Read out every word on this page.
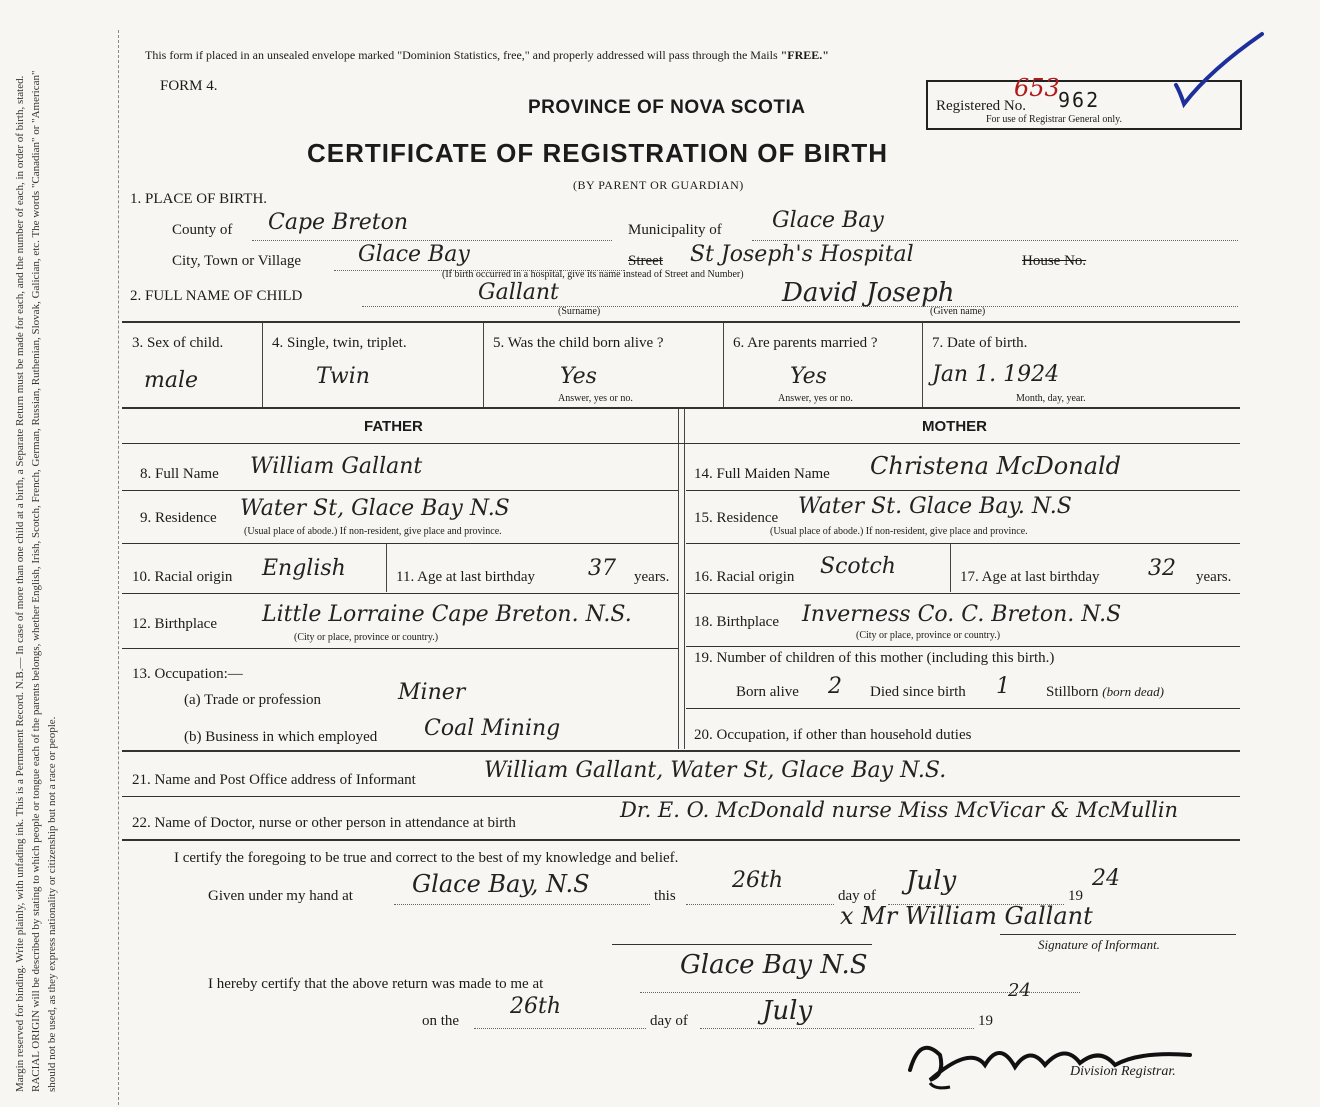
Margin reserved for binding. Write plainly, with unfading ink. This is a Permanent Record. N.B.— In case of more than one child at a birth, a Separate Return must be made for each, and the number of each, in order of birth, stated. RACIAL ORIGIN will be described by stating to which people or tongue each of the parents belongs, whether English, Irish, Scotch, French, German, Russian, Ruthenian, Slovak, Galician, etc. The words "Canadian" or "American" should not be used, as they express nationality or citizenship but not a race or people.
This form if placed in an unsealed envelope marked "Dominion Statistics, free," and properly addressed will pass through the Mails "FREE."
FORM 4.
PROVINCE OF NOVA SCOTIA
CERTIFICATE OF REGISTRATION OF BIRTH
(BY PARENT OR GUARDIAN)
Registered No.
653
962
For use of Registrar General only.
1. PLACE OF BIRTH.
County of Cape Breton	Municipality of Glace Bay
City, Town or Village	Glace Bay	Street St Joseph's Hospital	House No.
(If birth occurred in a hospital, give its name instead of Street and Number)
2. FULL NAME OF CHILD	Gallant
(Surname)
David Joseph
(Given name)
3. Sex of child.
male
4. Single, twin, triplet.
Twin
5. Was the child born alive ?
Yes
Answer, yes or no.
6. Are parents married ?
Yes
Answer, yes or no.
7. Date of birth.
Jan 1. 1924
Month, day, year.
FATHER	MOTHER
8. Full Name William Gallant
9. Residence Water St, Glace Bay N.S
(Usual place of abode.) If non-resident, give place and province.
10. Racial origin English	11. Age at last birthday 37 years.
12. Birthplace Little Lorraine Cape Breton. N.S.
(City or place, province or country.)
13. Occupation:—
(a) Trade or profession	Miner
(b) Business in which employed Coal Mining
14. Full Maiden Name Christena McDonald
15. Residence Water St. Glace Bay. N.S
(Usual place of abode.) If non-resident, give place and province.
16. Racial origin Scotch	17. Age at last birthday 32 years.
18. Birthplace Inverness Co. C. Breton. N.S
(City or place, province or country.)
19. Number of children of this mother (including this birth.)
Born alive 2 Died since birth 1 Stillborn (born dead)
20. Occupation, if other than household duties
21. Name and Post Office address of Informant	William Gallant, Water St, Glace Bay N.S.
22. Name of Doctor, nurse or other person in attendance at birth
Dr. E. O. McDonald nurse Miss McVicar & McMullin
I certify the foregoing to be true and correct to the best of my knowledge and belief.
Given under my hand at Glace Bay, N.S	this
26th
day of July	19
24
x Mr William Gallant
Signature of Informant.
I hereby certify that the above return was made to me at
Glace Bay N.S
on the
26th
day of	July	19
24
Division Registrar.
